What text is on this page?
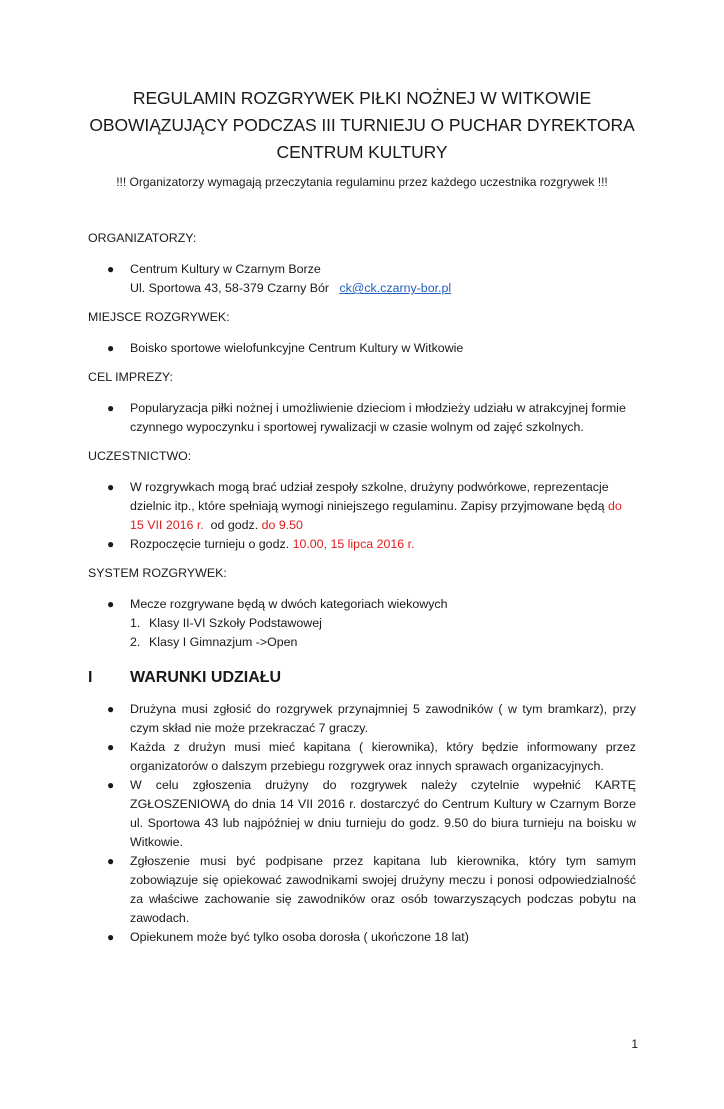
REGULAMIN ROZGRYWEK PIŁKI NOŻNEJ W WITKOWIE
OBOWIĄZUJĄCY PODCZAS III TURNIEJU O PUCHAR DYREKTORA
CENTRUM KULTURY
!!! Organizatorzy wymagają przeczytania regulaminu przez każdego uczestnika rozgrywek !!!
ORGANIZATORZY:
● Centrum Kultury w Czarnym Borze
Ul. Sportowa 43, 58-379 Czarny Bór ck@ck.czarny-bor.pl
MIEJSCE ROZGRYWEK:
● Boisko sportowe wielofunkcyjne Centrum Kultury w Witkowie
CEL IMPREZY:
● Popularyzacja piłki nożnej i umożliwienie dzieciom i młodzieży udziału w atrakcyjnej formie czynnego wypoczynku i sportowej rywalizacji w czasie wolnym od zajęć szkolnych.
UCZESTNICTWO:
● W rozgrywkach mogą brać udział zespoły szkolne, drużyny podwórkowe, reprezentacje dzielnic itp., które spełniają wymogi niniejszego regulaminu. Zapisy przyjmowane będą do 15 VII 2016 r. od godz. do 9.50
● Rozpoczęcie turnieju o godz. 10.00, 15 lipca 2016 r.
SYSTEM ROZGRYWEK:
● Mecze rozgrywane będą w dwóch kategoriach wiekowych
1. Klasy II-VI Szkoły Podstawowej
2. Klasy I Gimnazjum ->Open
I	WARUNKI UDZIAŁU
● Drużyna musi zgłosić do rozgrywek przynajmniej 5 zawodników ( w tym bramkarz), przy czym skład nie może przekraczać 7 graczy.
● Każda z drużyn musi mieć kapitana ( kierownika), który będzie informowany przez organizatorów o dalszym przebiegu rozgrywek oraz innych sprawach organizacyjnych.
● W celu zgłoszenia drużyny do rozgrywek należy czytelnie wypełnić KARTĘ ZGŁOSZENIOWĄ do dnia 14 VII 2016 r. dostarczyć do Centrum Kultury w Czarnym Borze ul. Sportowa 43 lub najpóźniej w dniu turnieju do godz. 9.50 do biura turnieju na boisku w Witkowie.
● Zgłoszenie musi być podpisane przez kapitana lub kierownika, który tym samym zobowiązuje się opiekować zawodnikami swojej drużyny meczu i ponosi odpowiedzialność za właściwe zachowanie się zawodników oraz osób towarzyszących podczas pobytu na zawodach.
● Opiekunem może być tylko osoba dorosła ( ukończone 18 lat)
1
